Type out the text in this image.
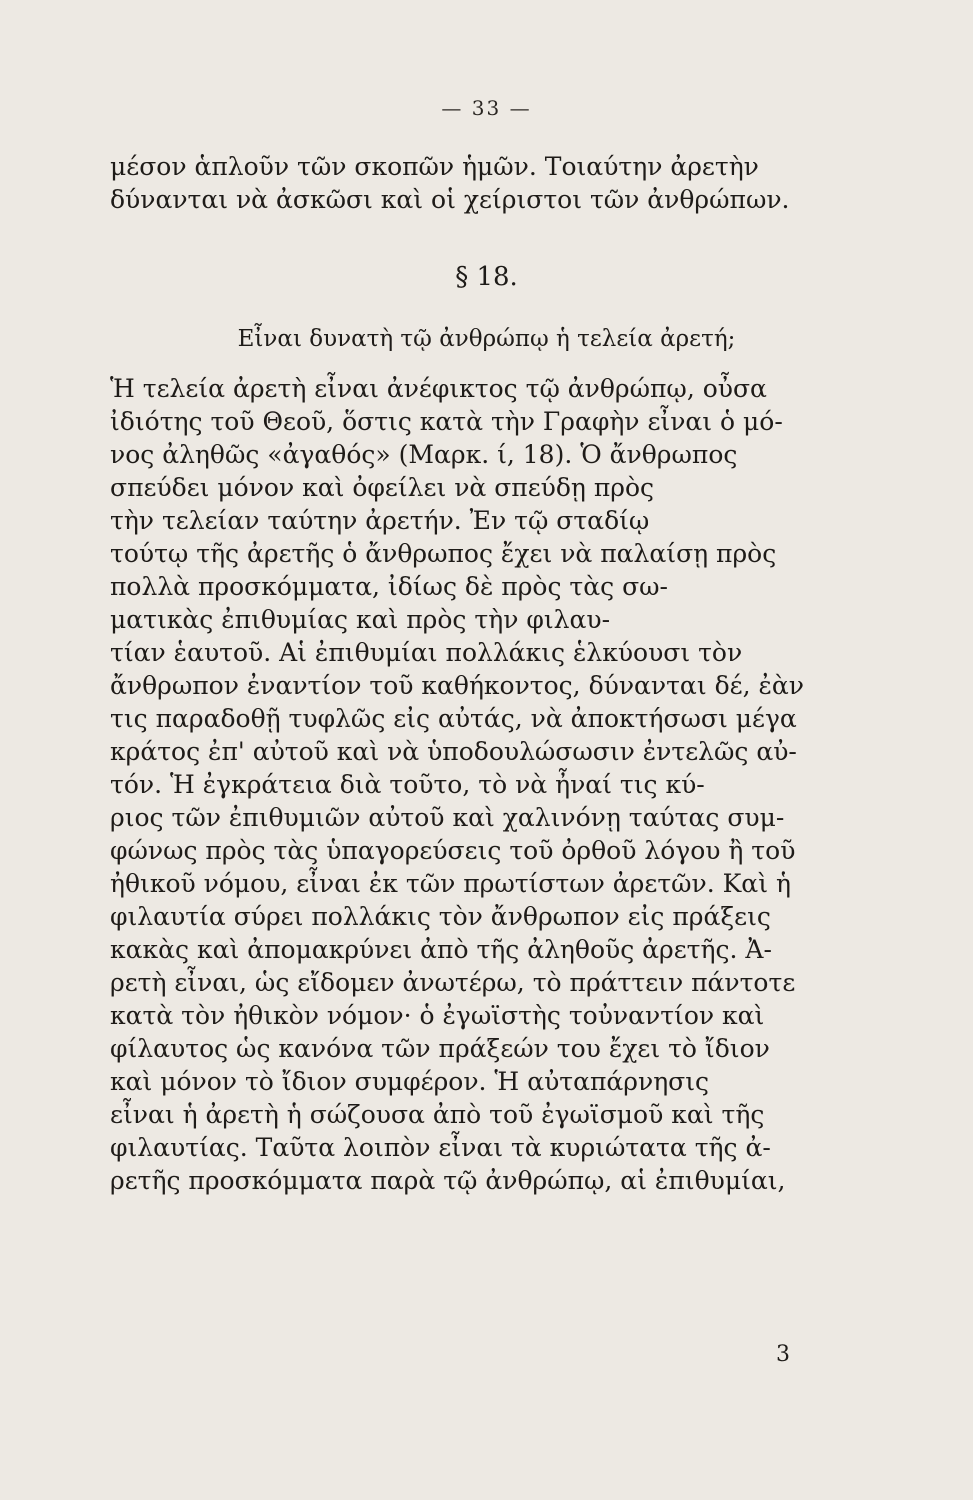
— 33 —
μέσον ἁπλοῦν τῶν σκοπῶν ἡμῶν. Τοιαύτην ἀρετὴν
δύνανται νὰ ἀσκῶσι καὶ οἱ χείριστοι τῶν ἀνθρώπων.
§ 18.
Εἶναι δυνατὴ τῷ ἀνθρώπῳ ἡ τελεία ἀρετή;
Ἡ τελεία ἀρετὴ εἶναι ἀνέφικτος τῷ ἀνθρώπῳ, οὖσα
ἰδιότης τοῦ Θεοῦ, ὅστις κατὰ τὴν Γραφὴν εἶναι ὁ μό-
νος ἀληθῶς «ἀγαθός» (Μαρκ. ί, 18). Ὁ ἄνθρωπος
σπεύδει μόνον καὶ ὀφείλει νὰ σπεύδῃ πρὸς
τὴν τελείαν ταύτην ἀρετήν. Ἐν τῷ σταδίῳ
τούτῳ τῆς ἀρετῆς ὁ ἄνθρωπος ἔχει νὰ παλαίσῃ πρὸς
πολλὰ προσκόμματα, ἰδίως δὲ πρὸς τὰς σω-
ματικὰς ἐπιθυμίας καὶ πρὸς τὴν φιλαυ-
τίαν ἑαυτοῦ. Αἱ ἐπιθυμίαι πολλάκις ἑλκύουσι τὸν
ἄνθρωπον ἐναντίον τοῦ καθήκοντος, δύνανται δέ, ἐὰν
τις παραδοθῇ τυφλῶς εἰς αὐτάς, νὰ ἀποκτήσωσι μέγα
κράτος ἐπ' αὐτοῦ καὶ νὰ ὑποδουλώσωσιν ἐντελῶς αὐ-
τόν. Ἡ ἐγκράτεια διὰ τοῦτο, τὸ νὰ ἦναί τις κύ-
ριος τῶν ἐπιθυμιῶν αὐτοῦ καὶ χαλινόνῃ ταύτας συμ-
φώνως πρὸς τὰς ὑπαγορεύσεις τοῦ ὀρθοῦ λόγου ἢ τοῦ
ἠθικοῦ νόμου, εἶναι ἐκ τῶν πρωτίστων ἀρετῶν. Καὶ ἡ
φιλαυτία σύρει πολλάκις τὸν ἄνθρωπον εἰς πράξεις
κακὰς καὶ ἀπομακρύνει ἀπὸ τῆς ἀληθοῦς ἀρετῆς. Ἀ-
ρετὴ εἶναι, ὡς εἴδομεν ἀνωτέρω, τὸ πράττειν πάντοτε
κατὰ τὸν ἠθικὸν νόμον· ὁ ἐγωϊστὴς τοὐναντίον καὶ
φίλαυτος ὡς κανόνα τῶν πράξεών του ἔχει τὸ ἴδιον
καὶ μόνον τὸ ἴδιον συμφέρον. Ἡ αὐταπάρνησις
εἶναι ἡ ἀρετὴ ἡ σώζουσα ἀπὸ τοῦ ἐγωϊσμοῦ καὶ τῆς
φιλαυτίας. Ταῦτα λοιπὸν εἶναι τὰ κυριώτατα τῆς ἀ-
ρετῆς προσκόμματα παρὰ τῷ ἀνθρώπῳ, αἱ ἐπιθυμίαι,
3
